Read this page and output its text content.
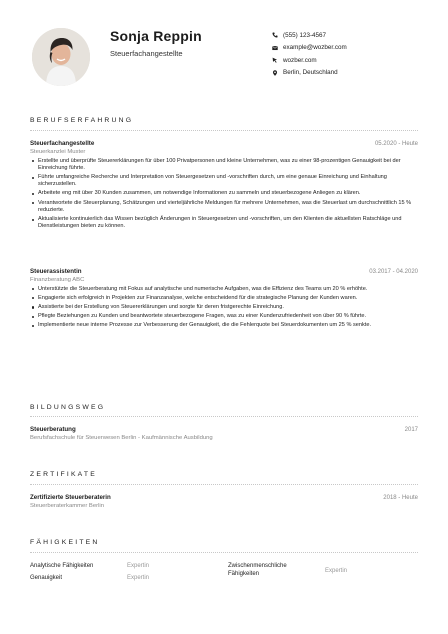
Sonja Reppin
Steuerfachangestellte
(555) 123-4567
example@wozber.com
wozber.com
Berlin, Deutschland
BERUFSERFAHRUNG
Steuerfachangestellte	05.2020 - Heute
Steuerkanzlei Muster
Erstellte und überprüfte Steuererklärungen für über 100 Privatpersonen und kleine Unternehmen, was zu einer 98-prozentigen Genauigkeit bei der Einreichung führte.
Führte umfangreiche Recherche und Interpretation von Steuergesetzen und -vorschriften durch, um eine genaue Einreichung und Einhaltung sicherzustellen.
Arbeitete eng mit über 30 Kunden zusammen, um notwendige Informationen zu sammeln und steuerbezogene Anliegen zu klären.
Verantwortete die Steuerplanung, Schätzungen und vierteljährliche Meldungen für mehrere Unternehmen, was die Steuerlast um durchschnittlich 15 % reduzierte.
Aktualisierte kontinuierlich das Wissen bezüglich Änderungen in Steuergesetzen und -vorschriften, um den Klienten die aktuellsten Ratschläge und Dienstleistungen bieten zu können.
Steuerassistentin	03.2017 - 04.2020
Finanzberatung ABC
Unterstützte die Steuerberatung mit Fokus auf analytische und numerische Aufgaben, was die Effizienz des Teams um 20 % erhöhte.
Engagierte sich erfolgreich in Projekten zur Finanzanalyse, welche entscheidend für die strategische Planung der Kunden waren.
Assistierte bei der Erstellung von Steuererklärungen und sorgte für deren fristgerechte Einreichung.
Pflegte Beziehungen zu Kunden und beantwortete steuerbezogene Fragen, was zu einer Kundenzufriedenheit von über 90 % führte.
Implementierte neue interne Prozesse zur Verbesserung der Genauigkeit, die die Fehlerquote bei Steuerdokumenten um 25 % senkte.
BILDUNGSWEG
Steuerberatung	2017
Berufsfachschule für Steuerwesen Berlin - Kaufmännische Ausbildung
ZERTIFIKATE
Zertifizierte Steuerberaterin	2018 - Heute
Steuerberaterkammer Berlin
FÄHIGKEITEN
Analytische Fähigkeiten	Expertin
Genauigkeit	Expertin
Zwischenmenschliche Fähigkeiten	Expertin
